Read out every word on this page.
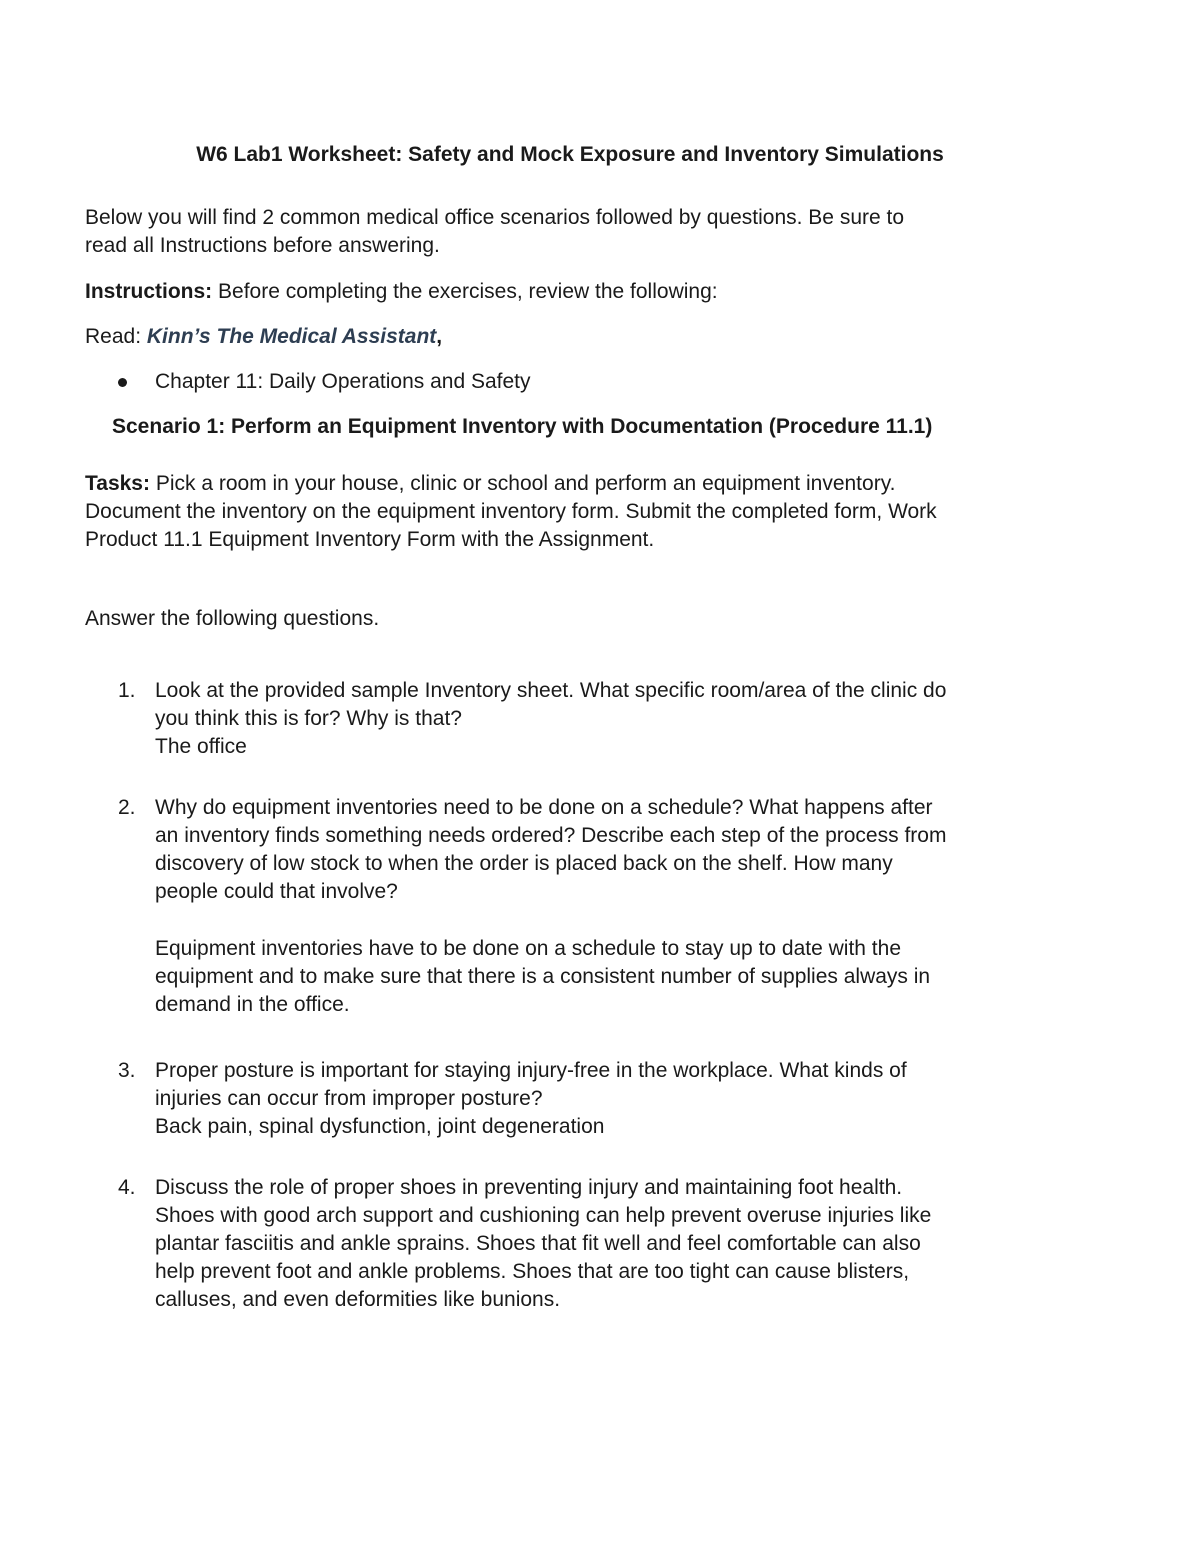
W6 Lab1 Worksheet: Safety and Mock Exposure and Inventory Simulations
Below you will find 2 common medical office scenarios followed by questions. Be sure to
read all Instructions before answering.

Instructions: Before completing the exercises, review the following:

Read: Kinn’s The Medical Assistant,

Chapter 11: Daily Operations and Safety
Scenario 1: Perform an Equipment Inventory with Documentation (Procedure 11.1)
Tasks: Pick a room in your house, clinic or school and perform an equipment inventory.
Document the inventory on the equipment inventory form. Submit the completed form, Work
Product 11.1 Equipment Inventory Form with the Assignment.

Answer the following questions.

1. Look at the provided sample Inventory sheet. What specific room/area of the clinic do
you think this is for? Why is that?
The office
2. Why do equipment inventories need to be done on a schedule? What happens after
an inventory finds something needs ordered? Describe each step of the process from
discovery of low stock to when the order is placed back on the shelf. How many
people could that involve?
Equipment inventories have to be done on a schedule to stay up to date with the
equipment and to make sure that there is a consistent number of supplies always in
demand in the office.
3. Proper posture is important for staying injury-free in the workplace. What kinds of
injuries can occur from improper posture?
Back pain, spinal dysfunction, joint degeneration
4. Discuss the role of proper shoes in preventing injury and maintaining foot health.
Shoes with good arch support and cushioning can help prevent overuse injuries like
plantar fasciitis and ankle sprains. Shoes that fit well and feel comfortable can also
help prevent foot and ankle problems. Shoes that are too tight can cause blisters,
calluses, and even deformities like bunions.
